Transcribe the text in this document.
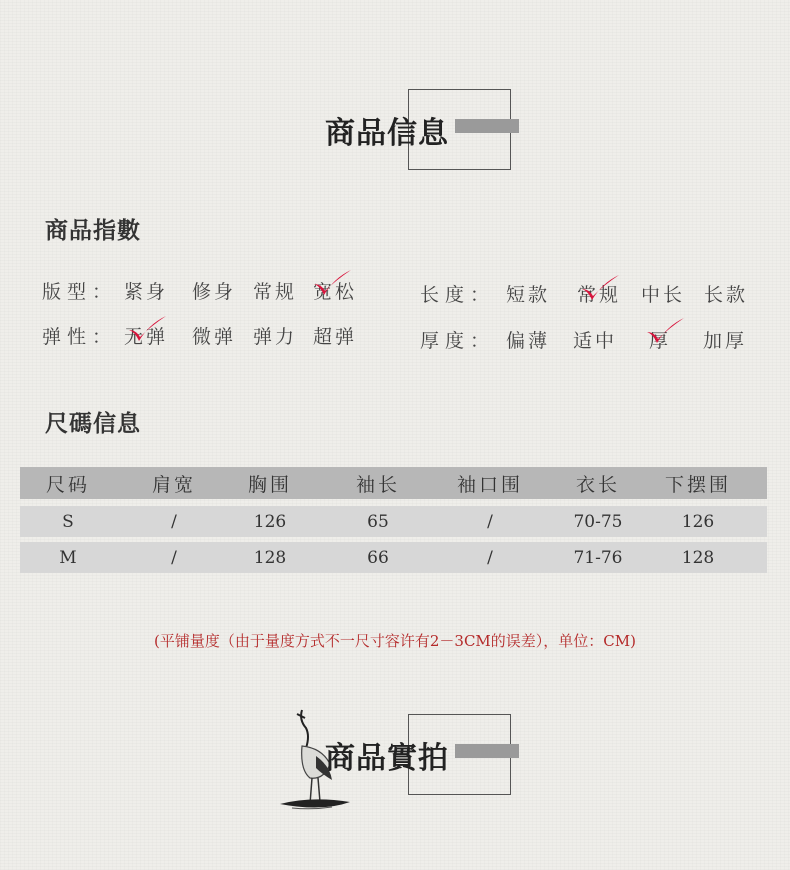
商品信息
商品指數
版型： 紧身 修身 常规 宽松
弹性： 无弹 微弹 弹力 超弹
长度： 短款 常规 中长 长款
厚度： 偏薄 适中 厚 加厚
尺碼信息
尺码	肩宽	胸围	袖长	袖口围	衣长	下摆围
S	/	126	65	/	70-75	126
M	/	128	66	/	71-76	128
(平铺量度（由于量度方式不一尺寸容许有2－3CM的误差），单位：CM)
商品實拍
